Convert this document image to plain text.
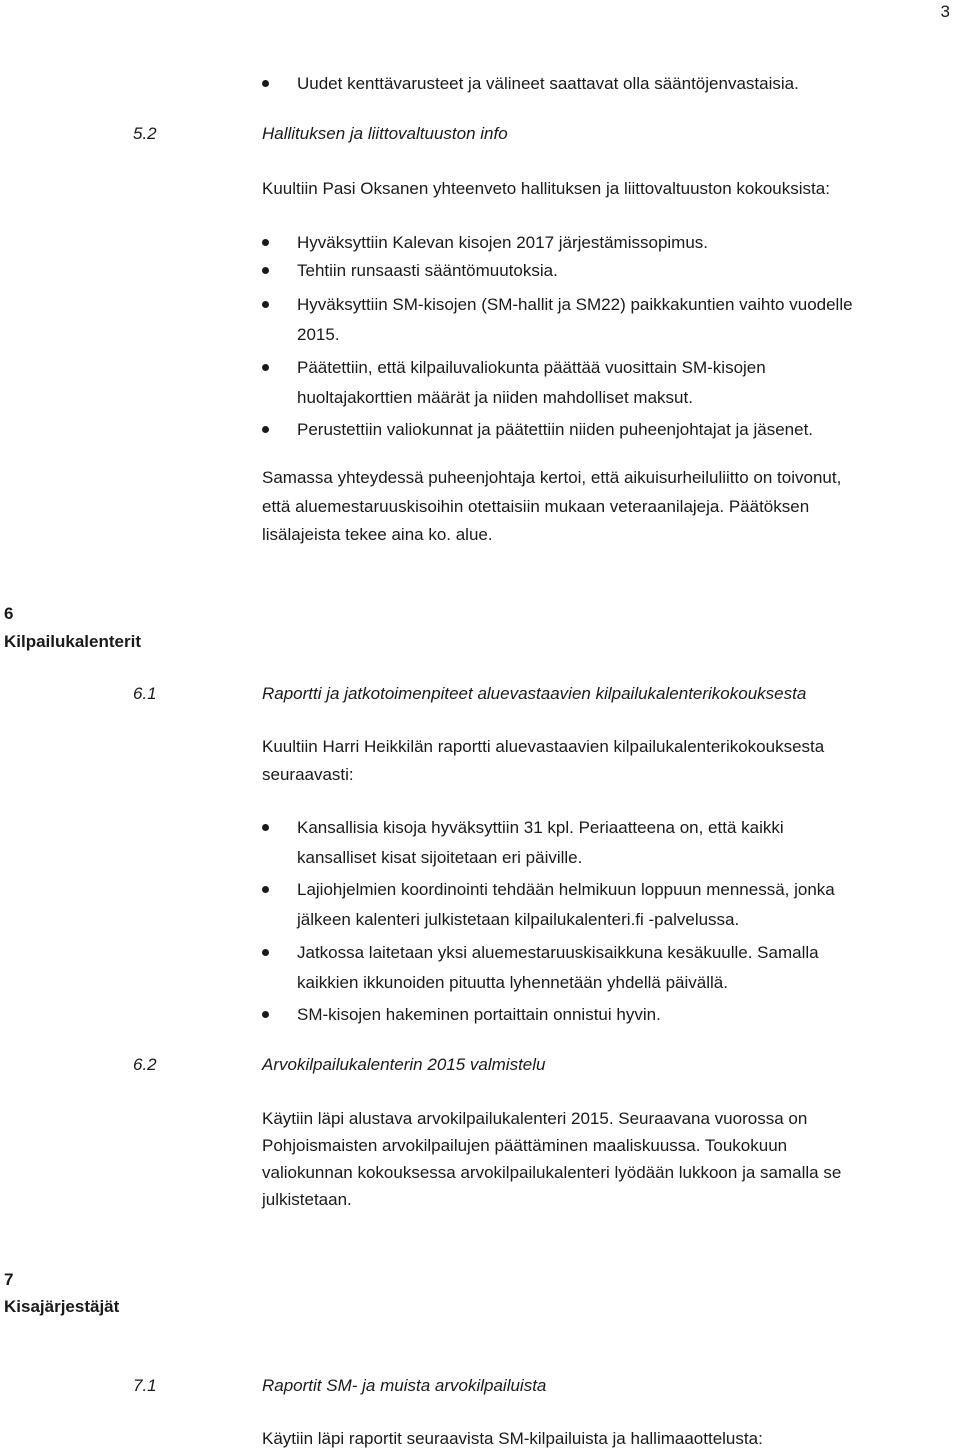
3
Uudet kenttävarusteet ja välineet saattavat olla sääntöjenvastaisia.
5.2	Hallituksen ja liittovaltuuston info
Kuultiin Pasi Oksanen yhteenveto hallituksen ja liittovaltuuston kokouksista:
Hyväksyttiin Kalevan kisojen 2017 järjestämissopimus.
Tehtiin runsaasti sääntömuutoksia.
Hyväksyttiin SM-kisojen (SM-hallit ja SM22) paikkakuntien vaihto vuodelle
2015.
Päätettiin, että kilpailuvaliokunta päättää vuosittain SM-kisojen
huoltajakorttien määrät ja niiden mahdolliset maksut.
Perustettiin valiokunnat ja päätettiin niiden puheenjohtajat ja jäsenet.
Samassa yhteydessä puheenjohtaja kertoi, että aikuisurheiluliitto on toivonut,
että aluemestaruuskisoihin otettaisiin mukaan veteraanilajeja. Päätöksen
lisälajeista tekee aina ko. alue.
6
Kilpailukalenterit
6.1	Raportti ja jatkotoimenpiteet aluevastaavien kilpailukalenterikokouksesta
Kuultiin Harri Heikkilän raportti aluevastaavien kilpailukalenterikokouksesta
seuraavasti:
Kansallisia kisoja hyväksyttiin 31 kpl. Periaatteena on, että kaikki
kansalliset kisat sijoitetaan eri päiville.
Lajiohjelmien koordinointi tehdään helmikuun loppuun mennessä, jonka
jälkeen kalenteri julkistetaan kilpailukalenteri.fi -palvelussa.
Jatkossa laitetaan yksi aluemestaruuskisaikkuna kesäkuulle. Samalla
kaikkien ikkunoiden pituutta lyhennetään yhdellä päivällä.
SM-kisojen hakeminen portaittain onnistui hyvin.
6.2	Arvokilpailukalenterin 2015 valmistelu
Käytiin läpi alustava arvokilpailukalenteri 2015. Seuraavana vuorossa on
Pohjoismaisten arvokilpailujen päättäminen maaliskuussa. Toukokuun
valiokunnan kokouksessa arvokilpailukalenteri lyödään lukkoon ja samalla se
julkistetaan.
7
Kisajärjestäjät
7.1	Raportit SM- ja muista arvokilpailuista
Käytiin läpi raportit seuraavista SM-kilpailuista ja hallimaaottelusta:
